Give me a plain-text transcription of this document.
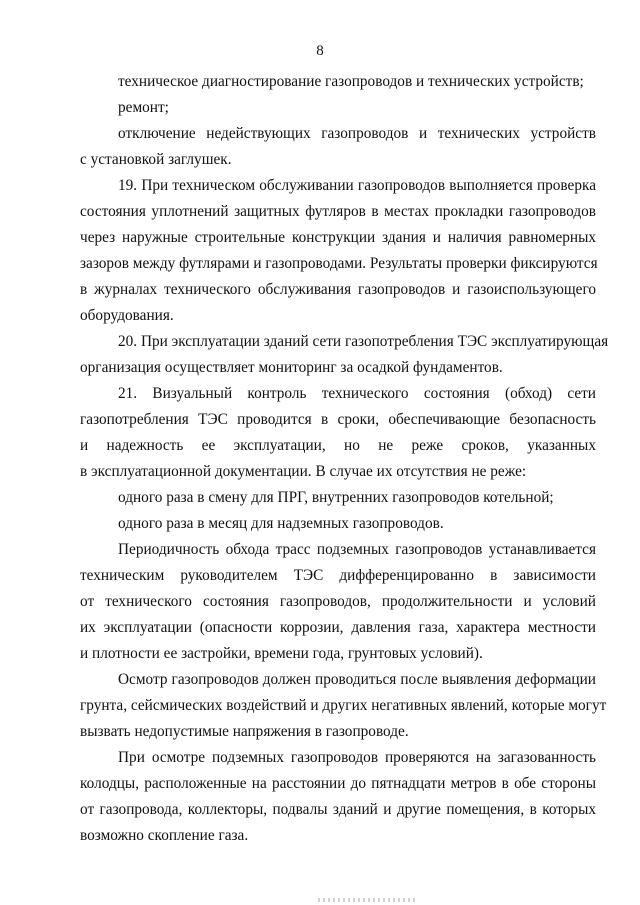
8
техническое диагностирование газопроводов и технических устройств;
ремонт;
отключение недействующих газопроводов и технических устройств
с установкой заглушек.
19. При техническом обслуживании газопроводов выполняется проверка
состояния уплотнений защитных футляров в местах прокладки газопроводов
через наружные строительные конструкции здания и наличия равномерных
зазоров между футлярами и газопроводами. Результаты проверки фиксируются
в журналах технического обслуживания газопроводов и газоиспользующего
оборудования.
20. При эксплуатации зданий сети газопотребления ТЭС эксплуатирующая
организация осуществляет мониторинг за осадкой фундаментов.
21. Визуальный контроль технического состояния (обход) сети
газопотребления ТЭС проводится в сроки, обеспечивающие безопасность
и надежность ее эксплуатации, но не реже сроков, указанных
в эксплуатационной документации. В случае их отсутствия не реже:
одного раза в смену для ПРГ, внутренних газопроводов котельной;
одного раза в месяц для надземных газопроводов.
Периодичность обхода трасс подземных газопроводов устанавливается
техническим руководителем ТЭС дифференцированно в зависимости
от технического состояния газопроводов, продолжительности и условий
их эксплуатации (опасности коррозии, давления газа, характера местности
и плотности ее застройки, времени года, грунтовых условий).
Осмотр газопроводов должен проводиться после выявления деформации
грунта, сейсмических воздействий и других негативных явлений, которые могут
вызвать недопустимые напряжения в газопроводе.
При осмотре подземных газопроводов проверяются на загазованность
колодцы, расположенные на расстоянии до пятнадцати метров в обе стороны
от газопровода, коллекторы, подвалы зданий и другие помещения, в которых
возможно скопление газа.
